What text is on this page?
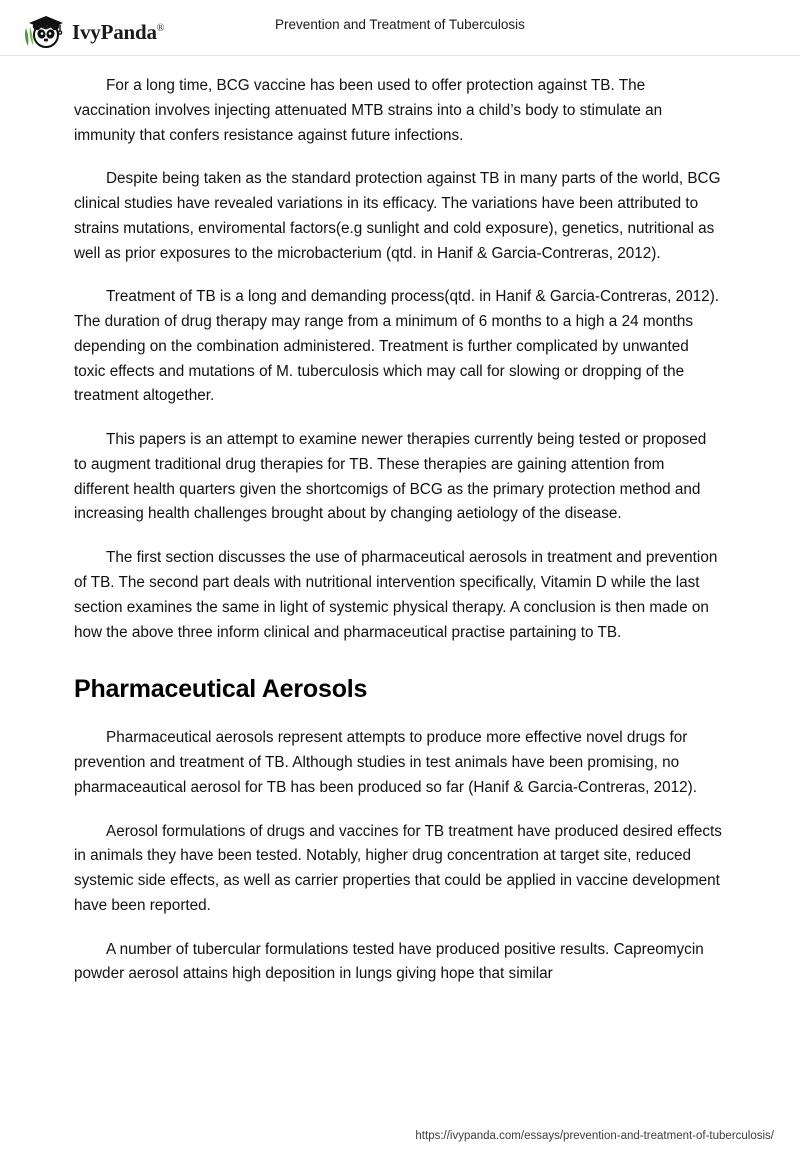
IvyPanda®	Prevention and Treatment of Tuberculosis

For a long time, BCG vaccine has been used to offer protection against TB. The vaccination involves injecting attenuated MTB strains into a child’s body to stimulate an immunity that confers resistance against future infections.

Despite being taken as the standard protection against TB in many parts of the world, BCG clinical studies have revealed variations in its efficacy. The variations have been attributed to strains mutations, enviromental factors(e.g sunlight and cold exposure), genetics, nutritional as well as prior exposures to the microbacterium (qtd. in Hanif & Garcia-Contreras, 2012).

Treatment of TB is a long and demanding process(qtd. in Hanif & Garcia-Contreras, 2012). The duration of drug therapy may range from a minimum of 6 months to a high a 24 months depending on the combination administered. Treatment is further complicated by unwanted toxic effects and mutations of M. tuberculosis which may call for slowing or dropping of the treatment altogether.

This papers is an attempt to examine newer therapies currently being tested or proposed to augment traditional drug therapies for TB. These therapies are gaining attention from different health quarters given the shortcomigs of BCG as the primary protection method and increasing health challenges brought about by changing aetiology of the disease.

The first section discusses the use of pharmaceutical aerosols in treatment and prevention of TB. The second part deals with nutritional intervention specifically, Vitamin D while the last section examines the same in light of systemic physical therapy. A conclusion is then made on how the above three inform clinical and pharmaceutical practise partaining to TB.

Pharmaceutical Aerosols

Pharmaceutical aerosols represent attempts to produce more effective novel drugs for prevention and treatment of TB. Although studies in test animals have been promising, no pharmaceautical aerosol for TB has been produced so far (Hanif & Garcia-Contreras, 2012).

Aerosol formulations of drugs and vaccines for TB treatment have produced desired effects in animals they have been tested. Notably, higher drug concentration at target site, reduced systemic side effects, as well as carrier properties that could be applied in vaccine development have been reported.

A number of tubercular formulations tested have produced positive results. Capreomycin powder aerosol attains high deposition in lungs giving hope that similar

https://ivypanda.com/essays/prevention-and-treatment-of-tuberculosis/
